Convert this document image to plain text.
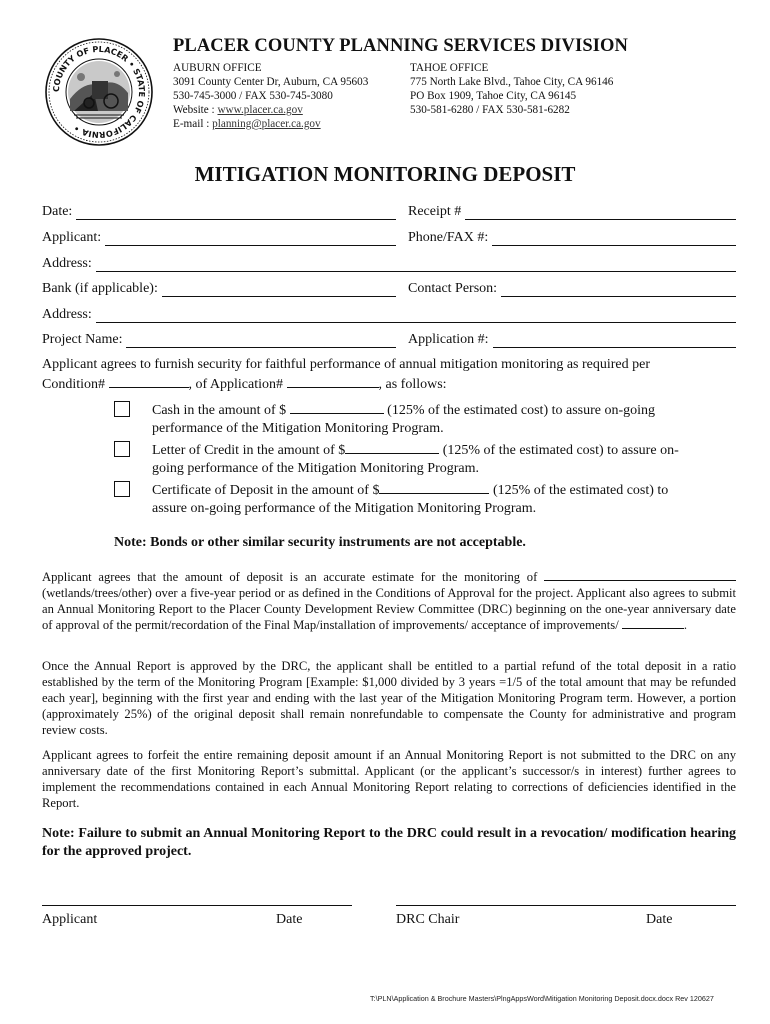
COUNTY OF PLACER • STATE OF CALIFORNIA •
PLACER COUNTY PLANNING SERVICES DIVISION
AUBURN OFFICE
3091 County Center Dr, Auburn, CA 95603
530-745-3000 / FAX 530-745-3080
Website : www.placer.ca.gov
E-mail : planning@placer.ca.gov
TAHOE OFFICE
775 North Lake Blvd., Tahoe City, CA 96146
PO Box 1909, Tahoe City, CA 96145
530-581-6280 / FAX 530-581-6282
MITIGATION MONITORING DEPOSIT
Date:	Receipt #
Applicant:	Phone/FAX #:
Address:
Bank (if applicable):	Contact Person:
Address:
Project Name:	Application #:
Applicant agrees to furnish security for faithful performance of annual mitigation monitoring as required per
Condition#	, of Application#	, as follows:
Cash in the amount of $	(125% of the estimated cost) to assure on-going
performance of the Mitigation Monitoring Program.
Letter of Credit in the amount of $	(125% of the estimated cost) to assure on-
going performance of the Mitigation Monitoring Program.
Certificate of Deposit in the amount of $	(125% of the estimated cost) to
assure on-going performance of the Mitigation Monitoring Program.
Note: Bonds or other similar security instruments are not acceptable.
Applicant agrees that the amount of deposit is an accurate estimate for the monitoring of  (wetlands/trees/other) over a five-year period or as defined in the Conditions of Approval for the project. Applicant also agrees to submit an Annual Monitoring Report to the Placer County Development Review Committee (DRC) beginning on the one-year anniversary date of approval of the permit/recordation of the Final Map/installation of improvements/ acceptance of improvements/	.
Once the Annual Report is approved by the DRC, the applicant shall be entitled to a partial refund of the total deposit in a ratio established by the term of the Monitoring Program [Example: $1,000 divided by 3 years =1/5 of the total amount that may be refunded each year], beginning with the first year and ending with the last year of the Mitigation Monitoring Program term. However, a portion (approximately 25%) of the original deposit shall remain nonrefundable to compensate the County for administrative and program review costs.
Applicant agrees to forfeit the entire remaining deposit amount if an Annual Monitoring Report is not submitted to the DRC on any anniversary date of the first Monitoring Report’s submittal. Applicant (or the applicant’s successor/s in interest) further agrees to implement the recommendations contained in each Annual Monitoring Report relating to corrections of deficiencies identified in the Report.
Note: Failure to submit an Annual Monitoring Report to the DRC could result in a revocation/ modification hearing for the approved project.
Applicant	Date	DRC Chair	Date
T:\PLN\Application & Brochure Masters\PlngAppsWord\Mitigation Monitoring Deposit.docx.docx Rev 120627
